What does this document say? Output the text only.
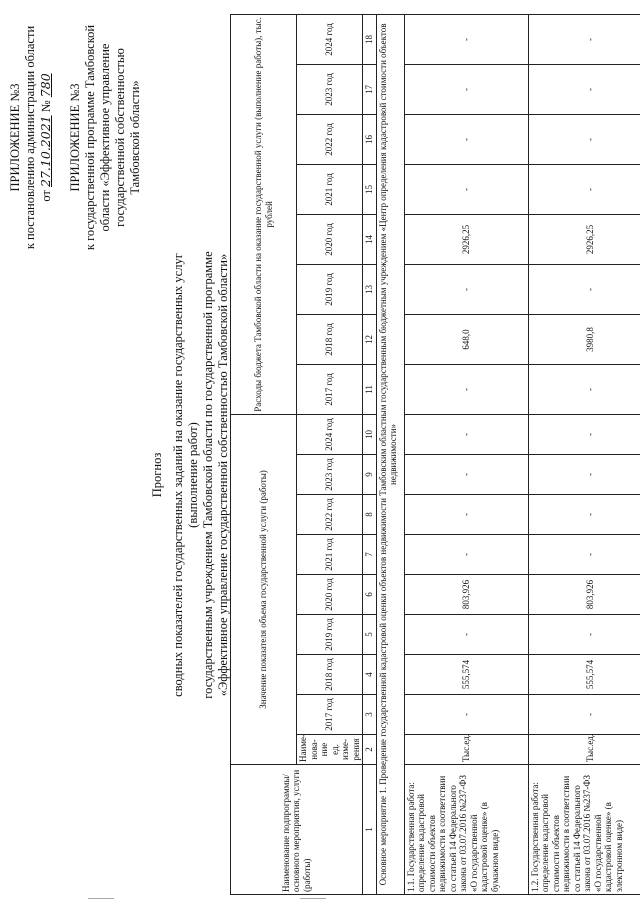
ПРИЛОЖЕНИЕ №3 к постановлению администрации области от 27.10.2021 № 780 ПРИЛОЖЕНИЕ №3 к государственной программе Тамбовской области «Эффективное управление государственной собственностью Тамбовской области»

Прогноз сводных показателей государственных заданий на оказание государственных услуг (выполнение работ) государственным учреждением Тамбовской области по государственной программе «Эффективное управление государственной собственностью Тамбовской области»

Наименование подпрограммы/основного мероприятия, услуги (работы)	Значение показателя объема государственной услуги (работы)									Расходы бюджета Тамбовской области на оказание государственной услуги (выполнение работы), тыс. рублей							
	Наиме-нова-ние ед. изме-рения	2017 год	2018 год	2019 год	2020 год	2021 год	2022 год	2023 год	2024 год	2017 год	2018 год	2019 год	2020 год	2021 год	2022 год	2023 год	2024 год
1	2	3	4	5	6	7	8	9	10	11	12	13	14	15	16	17	18
Основное мероприятие 1. Проведение государственной кадастровой оценки объектов недвижимости Тамбовским областным государственным бюджетным учреждением «Центр определения кадастровой стоимости объектов недвижимости»																	
1.1. Государственная работа: определение кадастровой стоимости объектов недвижимости в соответствии со статьей 14 Федерального закона от 03.07.2016 №237-ФЗ «О государственной кадастровой оценке» (в бумажном виде)	Тыс.ед.	-	555,574	-	803,926	-	-	-	-	-	648,0	-	2926,25	-	-	-	-
1.2. Государственная работа: определение кадастровой стоимости объектов недвижимости в соответствии со статьей 14 Федерального закона от 03.07.2016 №237-ФЗ «О государственной кадастровой оценке» (в электронном виде)	Тыс.ед.	-	555,574	-	803,926	-	-	-	-	-	3980,8	-	2926,25	-	-	-	-
